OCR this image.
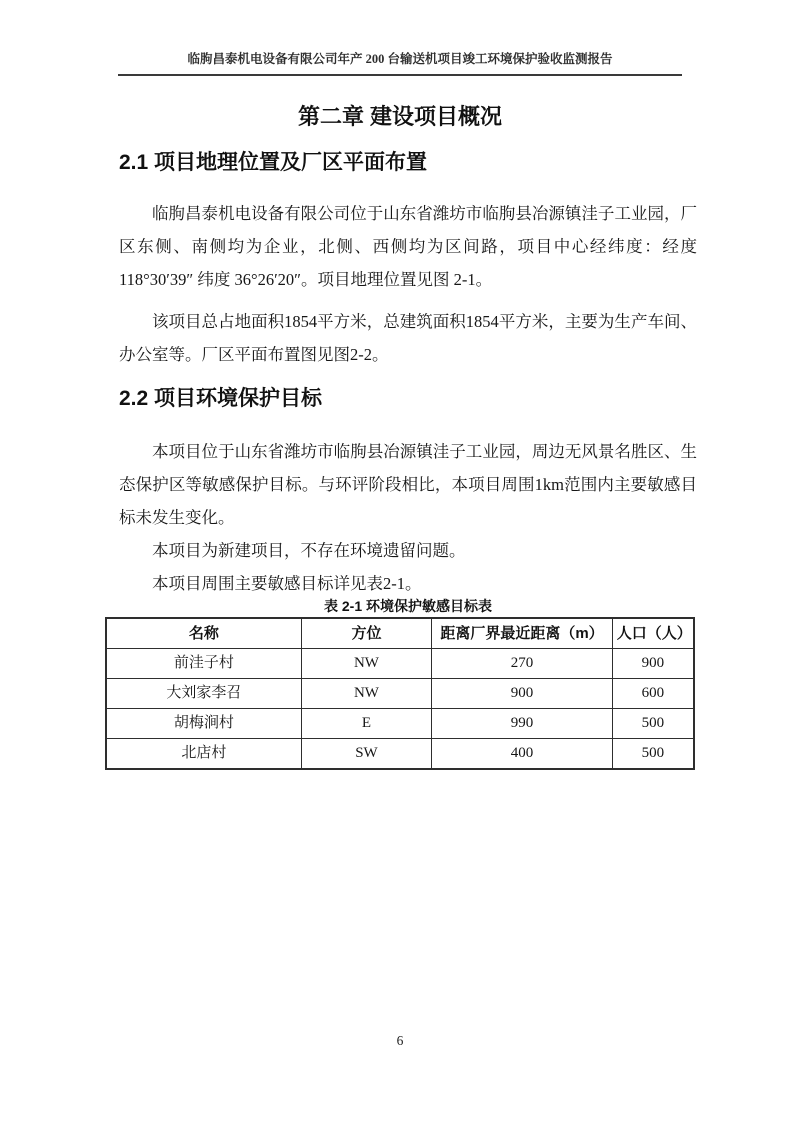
临朐昌泰机电设备有限公司年产 200 台输送机项目竣工环境保护验收监测报告
第二章 建设项目概况
2.1 项目地理位置及厂区平面布置

临朐昌泰机电设备有限公司位于山东省潍坊市临朐县冶源镇洼子工业园，厂区东侧、南侧均为企业，北侧、西侧均为区间路，项目中心经纬度：经度 118°30′39″ 纬度 36°26′20″。项目地理位置见图 2-1。

该项目总占地面积1854平方米，总建筑面积1854平方米，主要为生产车间、办公室等。厂区平面布置图见图2-2。

2.2 项目环境保护目标

本项目位于山东省潍坊市临朐县冶源镇洼子工业园，周边无风景名胜区、生态保护区等敏感保护目标。与环评阶段相比，本项目周围1km范围内主要敏感目标未发生变化。

本项目为新建项目，不存在环境遗留问题。

本项目周围主要敏感目标详见表2-1。

表 2-1 环境保护敏感目标表
名称	方位	距离厂界最近距离（m）	人口（人）
前洼子村	NW	270	900
大刘家李召	NW	900	600
胡梅涧村	E	990	500
北店村	SW	400	500
6
